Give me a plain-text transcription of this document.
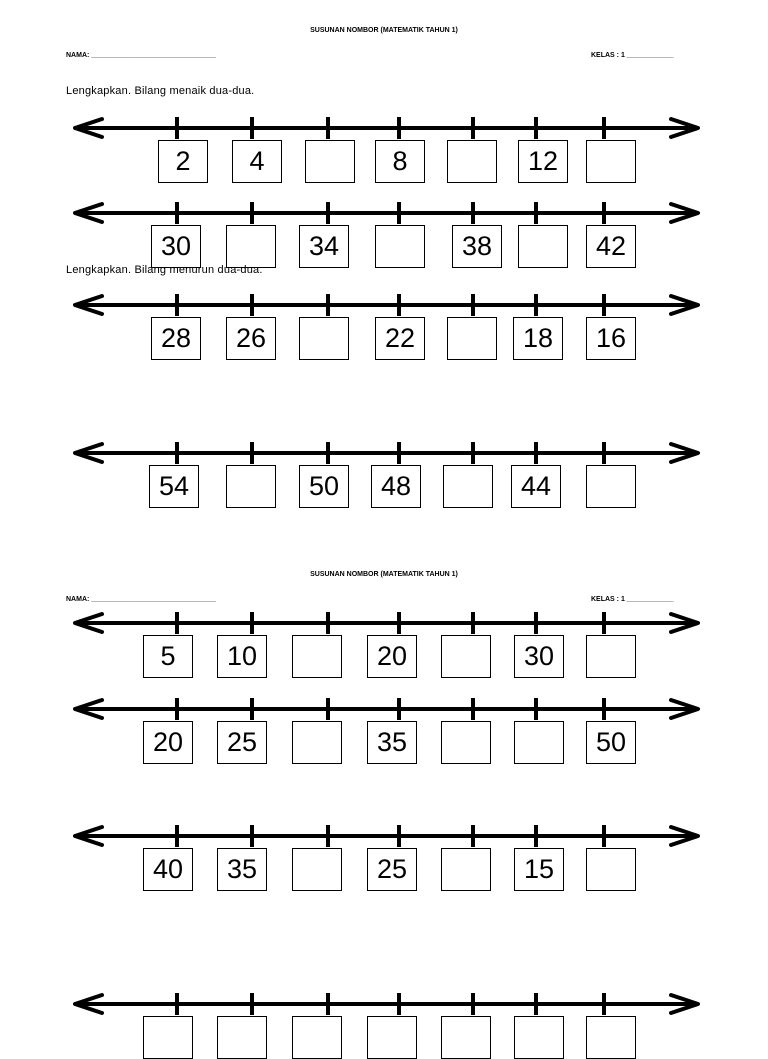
SUSUNAN NOMBOR (MATEMATIK TAHUN 1)
NAMA: ________________________________	KELAS : 1 ____________
Lengkapkan. Bilang menaik dua-dua.
2	4	8	12
30	34	38	42
28	26	22	18	16
54	50	48	44
5	10	20	30
20	25	35	50
40	35	25	15
Lengkapkan. Bilang menurun dua-dua.
SUSUNAN NOMBOR (MATEMATIK TAHUN 1)
NAMA: ________________________________	KELAS : 1 ____________
